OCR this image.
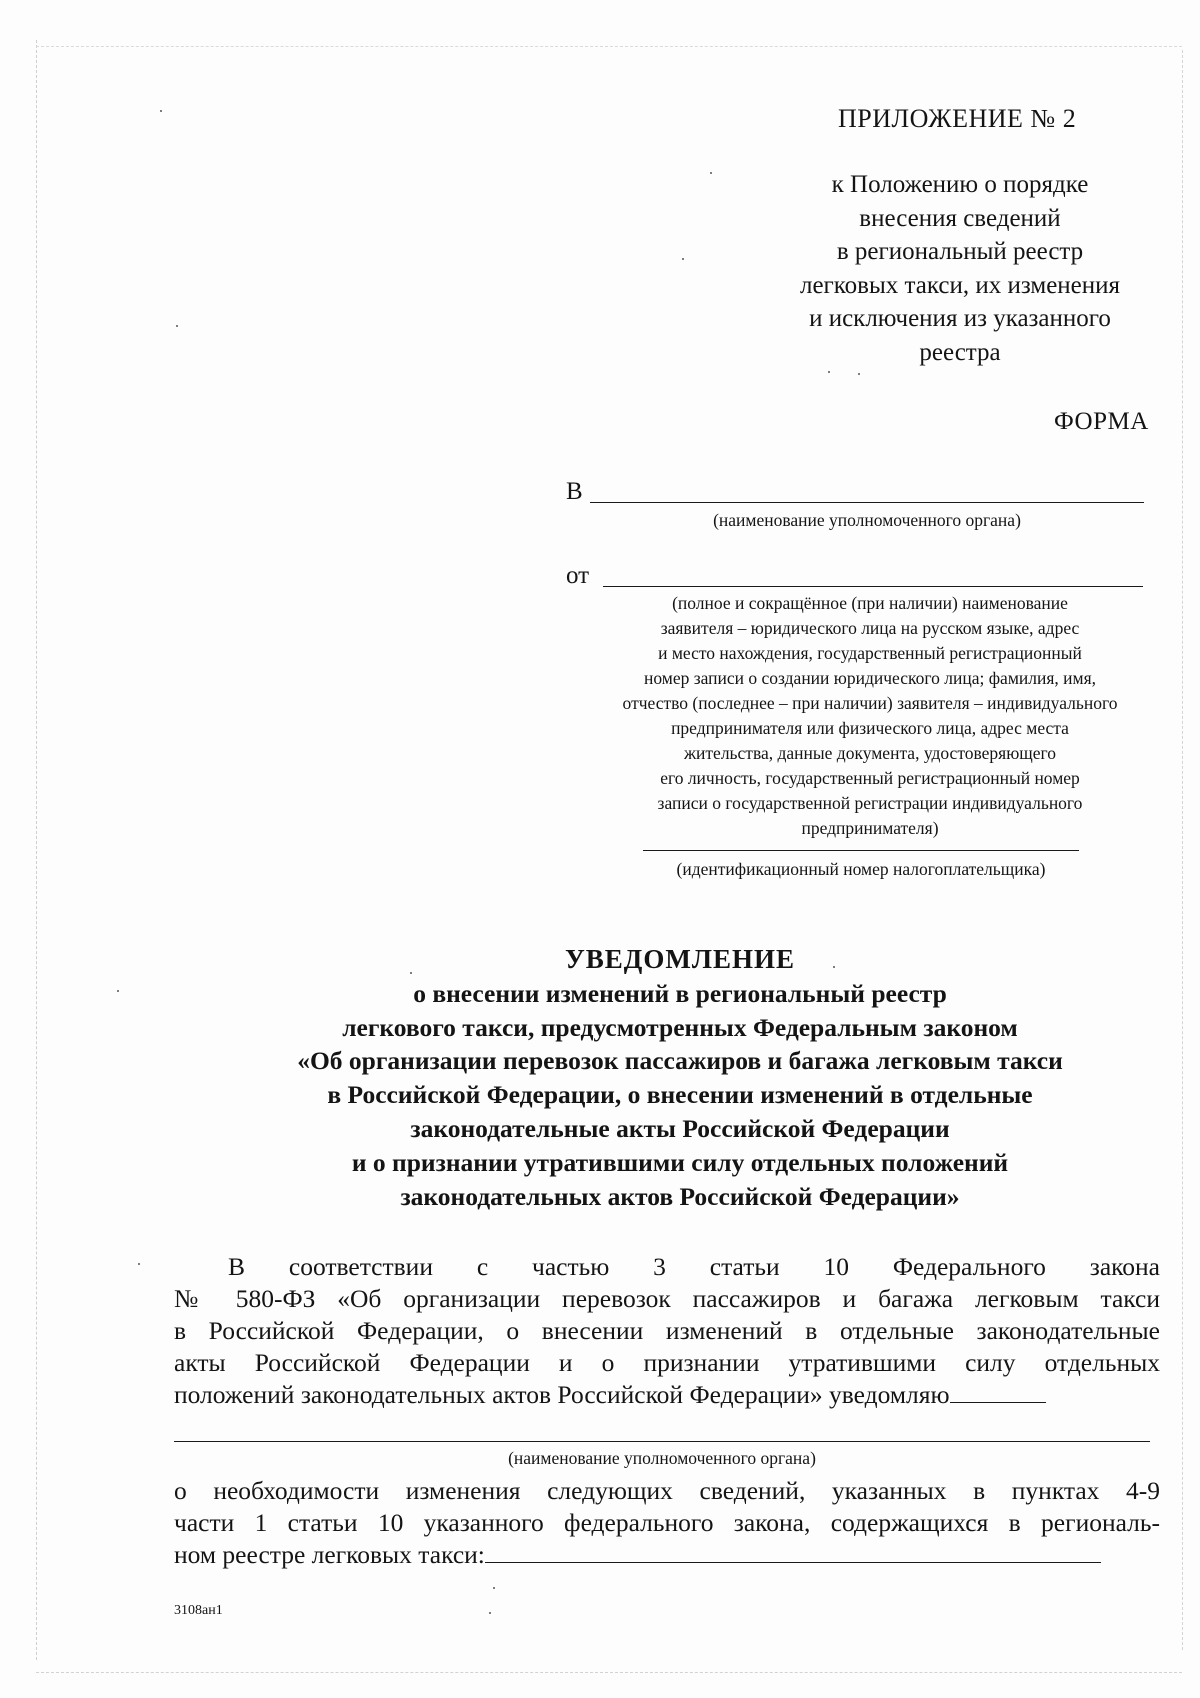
ПРИЛОЖЕНИЕ № 2
к Положению о порядке
внесения сведений
в региональный реестр
легковых такси, их изменения
и исключения из указанного
реестра
ФОРМА
В
(наименование уполномоченного органа)
от
(полное и сокращённое (при наличии) наименование
заявителя – юридического лица на русском языке, адрес
и место нахождения, государственный регистрационный
номер записи о создании юридического лица; фамилия, имя,
отчество (последнее – при наличии) заявителя – индивидуального
предпринимателя или физического лица, адрес места
жительства, данные документа, удостоверяющего
его личность, государственный регистрационный номер
записи о государственной регистрации индивидуального
предпринимателя)
(идентификационный номер налогоплательщика)
УВЕДОМЛЕНИЕ
о внесении изменений в региональный реестр
легкового такси, предусмотренных Федеральным законом
«Об организации перевозок пассажиров и багажа легковым такси
в Российской Федерации, о внесении изменений в отдельные
законодательные акты Российской Федерации
и о признании утратившими силу отдельных положений
законодательных актов Российской Федерации»
В соответствии с частью 3 статьи 10 Федерального закона
№ 580-ФЗ «Об организации перевозок пассажиров и багажа легковым такси
в Российской Федерации, о внесении изменений в отдельные законодательные
акты Российской Федерации и о признании утратившими силу отдельных
положений законодательных актов Российской Федерации» уведомляю
(наименование уполномоченного органа)
о необходимости изменения следующих сведений, указанных в пунктах 4-9
части 1 статьи 10 указанного федерального закона, содержащихся в региональ-
ном реестре легковых такси:
3108ан1
